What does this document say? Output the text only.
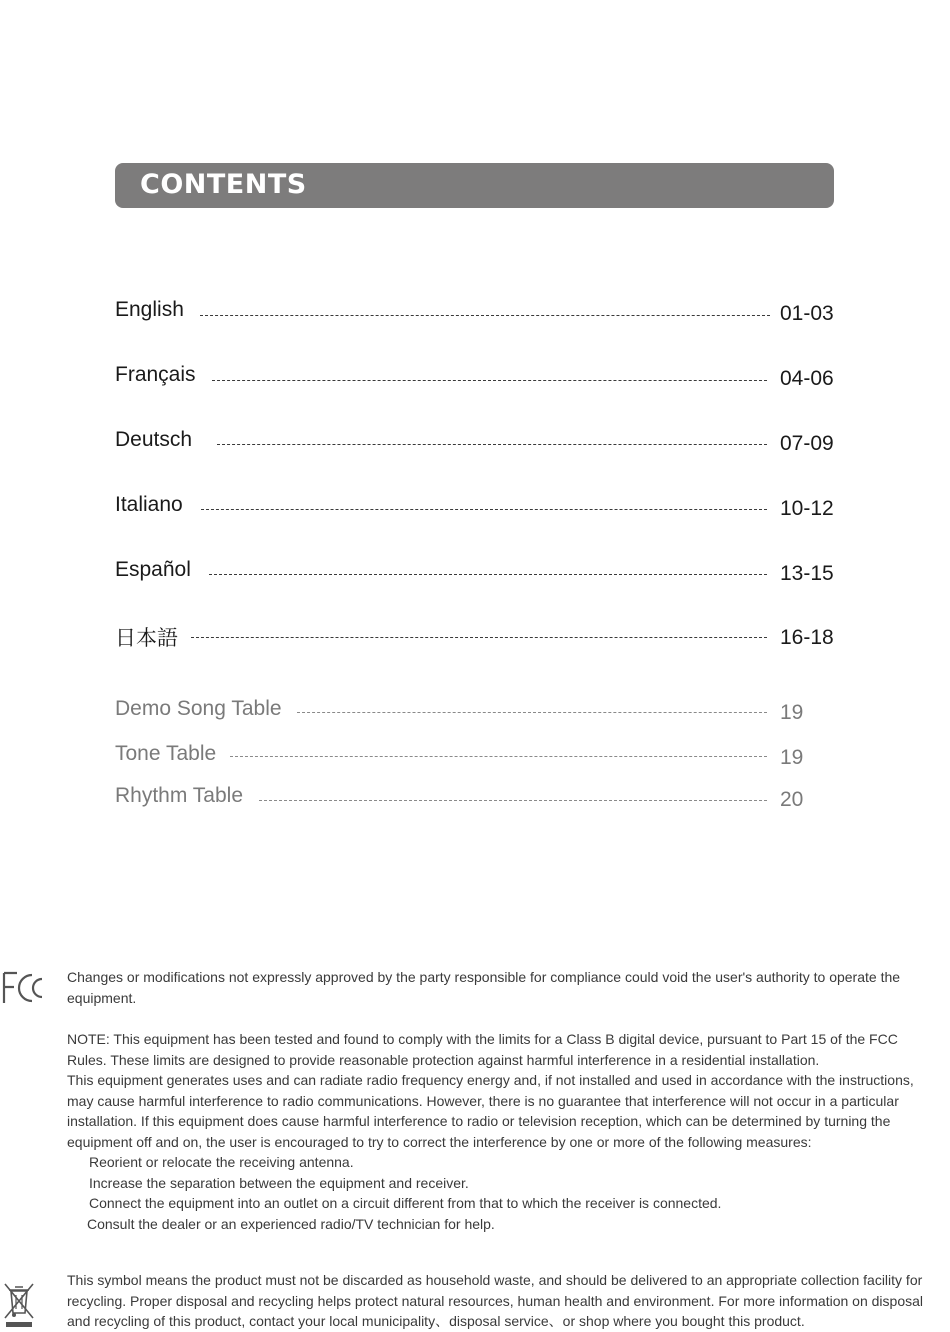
CONTENTS
English	01-03
Français	04-06
Deutsch	07-09
Italiano	10-12
Español	13-15
日本語	16-18
Demo Song Table	19
Tone Table	19
Rhythm Table	20
Changes or modifications not expressly approved by the party responsible for compliance could void the user's authority to operate the equipment.

NOTE: This equipment has been tested and found to comply with the limits for a Class B digital device, pursuant to Part 15 of the FCC Rules. These limits are designed to provide reasonable protection against harmful interference in a residential installation.

This equipment generates uses and can radiate radio frequency energy and, if not installed and used in accordance with the instructions, may cause harmful interference to radio communications. However, there is no guarantee that interference will not occur in a particular installation. If this equipment does cause harmful interference to radio or television reception, which can be determined by turning the equipment off and on, the user is encouraged to try to correct the interference by one or more of the following measures:

Reorient or relocate the receiving antenna.
Increase the separation between the equipment and receiver.
Connect the equipment into an outlet on a circuit different from that to which the receiver is connected.
Consult the dealer or an experienced radio/TV technician for help.
This symbol means the product must not be discarded as household waste, and should be delivered to an appropriate collection facility for recycling. Proper disposal and recycling helps protect natural resources, human health and environment. For more information on disposal and recycling of this product, contact your local municipality、disposal service、or shop where you bought this product.
